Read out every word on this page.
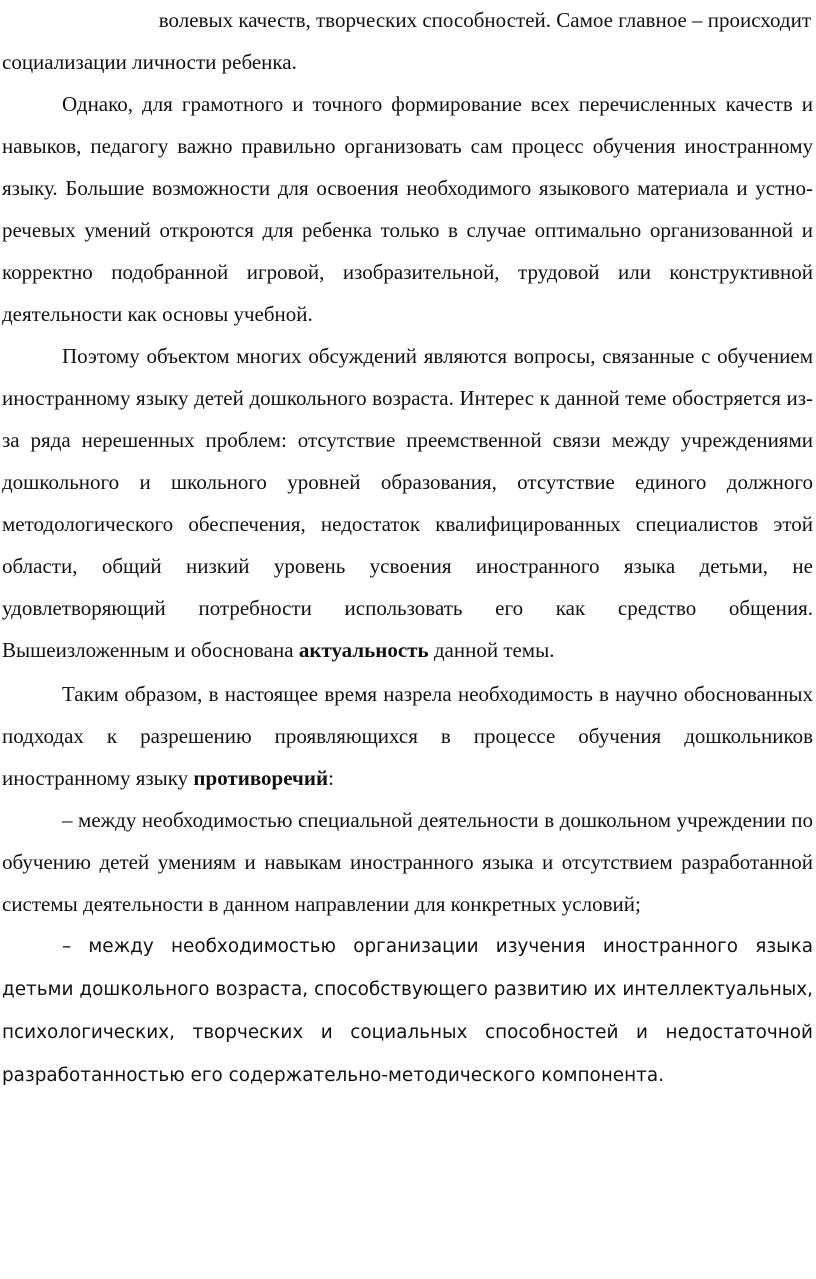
волевых качеств, творческих способностей. Самое главное – происходит
социализации личности ребенка.

Однако, для грамотного и точного формирование всех перечисленных качеств и навыков, педагогу важно правильно организовать сам процесс обучения иностранному языку. Большие возможности для освоения необходимого языкового материала и устно-речевых умений откроются для ребенка только в случае оптимально организованной и корректно подобранной игровой, изобразительной, трудовой или конструктивной деятельности как основы учебной.

Поэтому объектом многих обсуждений являются вопросы, связанные с обучением иностранному языку детей дошкольного возраста. Интерес к данной теме обостряется из-за ряда нерешенных проблем: отсутствие преемственной связи между учреждениями дошкольного и школьного уровней образования, отсутствие единого должного методологического обеспечения, недостаток квалифицированных специалистов этой области, общий низкий уровень усвоения иностранного языка детьми, не удовлетворяющий потребности использовать его как средство общения. Вышеизложенным и обоснована актуальность данной темы.

Таким образом, в настоящее время назрела необходимость в научно обоснованных подходах к разрешению проявляющихся в процессе обучения дошкольников иностранному языку противоречий:

– между необходимостью специальной деятельности в дошкольном учреждении по обучению детей умениям и навыкам иностранного языка и отсутствием разработанной системы деятельности в данном направлении для конкретных условий;

– между необходимостью организации изучения иностранного языка детьми дошкольного возраста, способствующего развитию их интеллектуальных, психологических, творческих и социальных способностей и недостаточной разработанностью его содержательно-методического компонента.
